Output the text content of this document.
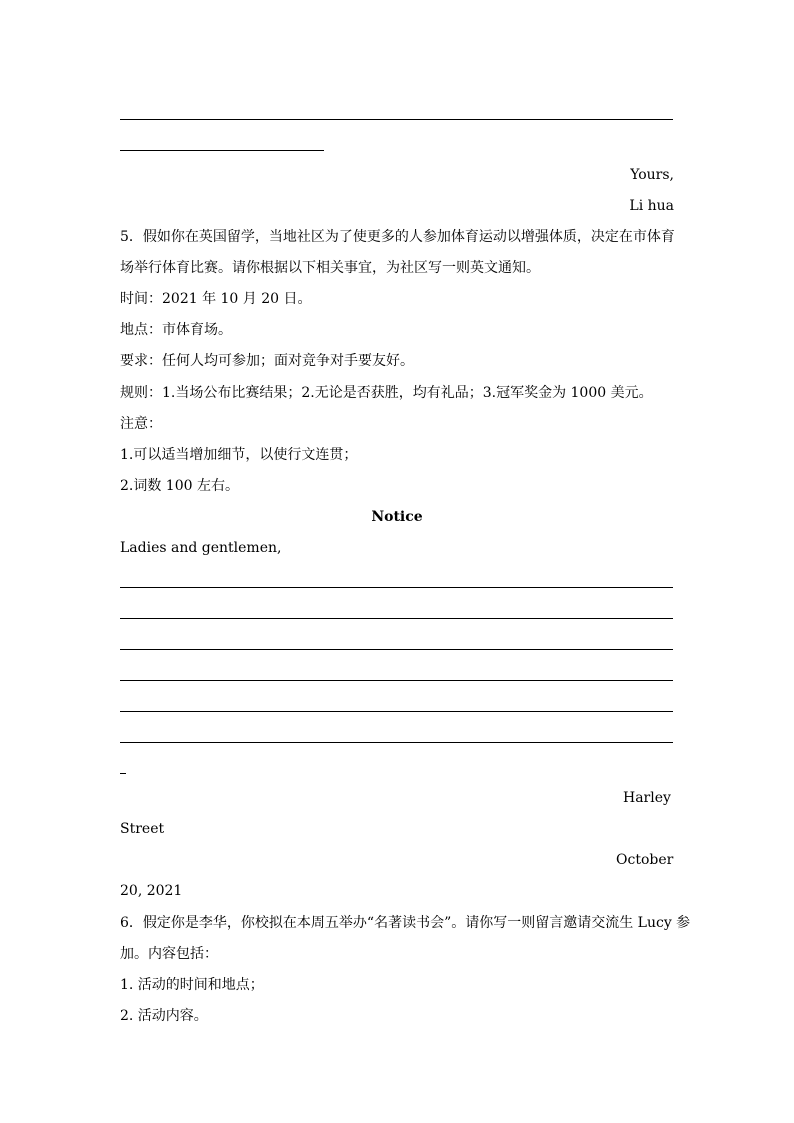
Yours,
Li hua
5．假如你在英国留学，当地社区为了使更多的人参加体育运动以增强体质，决定在市体育
场举行体育比赛。请你根据以下相关事宜，为社区写一则英文通知。
时间：2021 年 10 月 20 日。
地点：市体育场。
要求：任何人均可参加；面对竞争对手要友好。
规则：1.当场公布比赛结果；2.无论是否获胜，均有礼品；3.冠军奖金为 1000 美元。
注意：
1.可以适当增加细节，以使行文连贯；
2.词数 100 左右。
Notice
Ladies and gentlemen,
Harley
Street
October
20, 2021
6．假定你是李华，你校拟在本周五举办“名著读书会”。请你写一则留言邀请交流生 Lucy 参
加。内容包括：
1. 活动的时间和地点；
2. 活动内容。
